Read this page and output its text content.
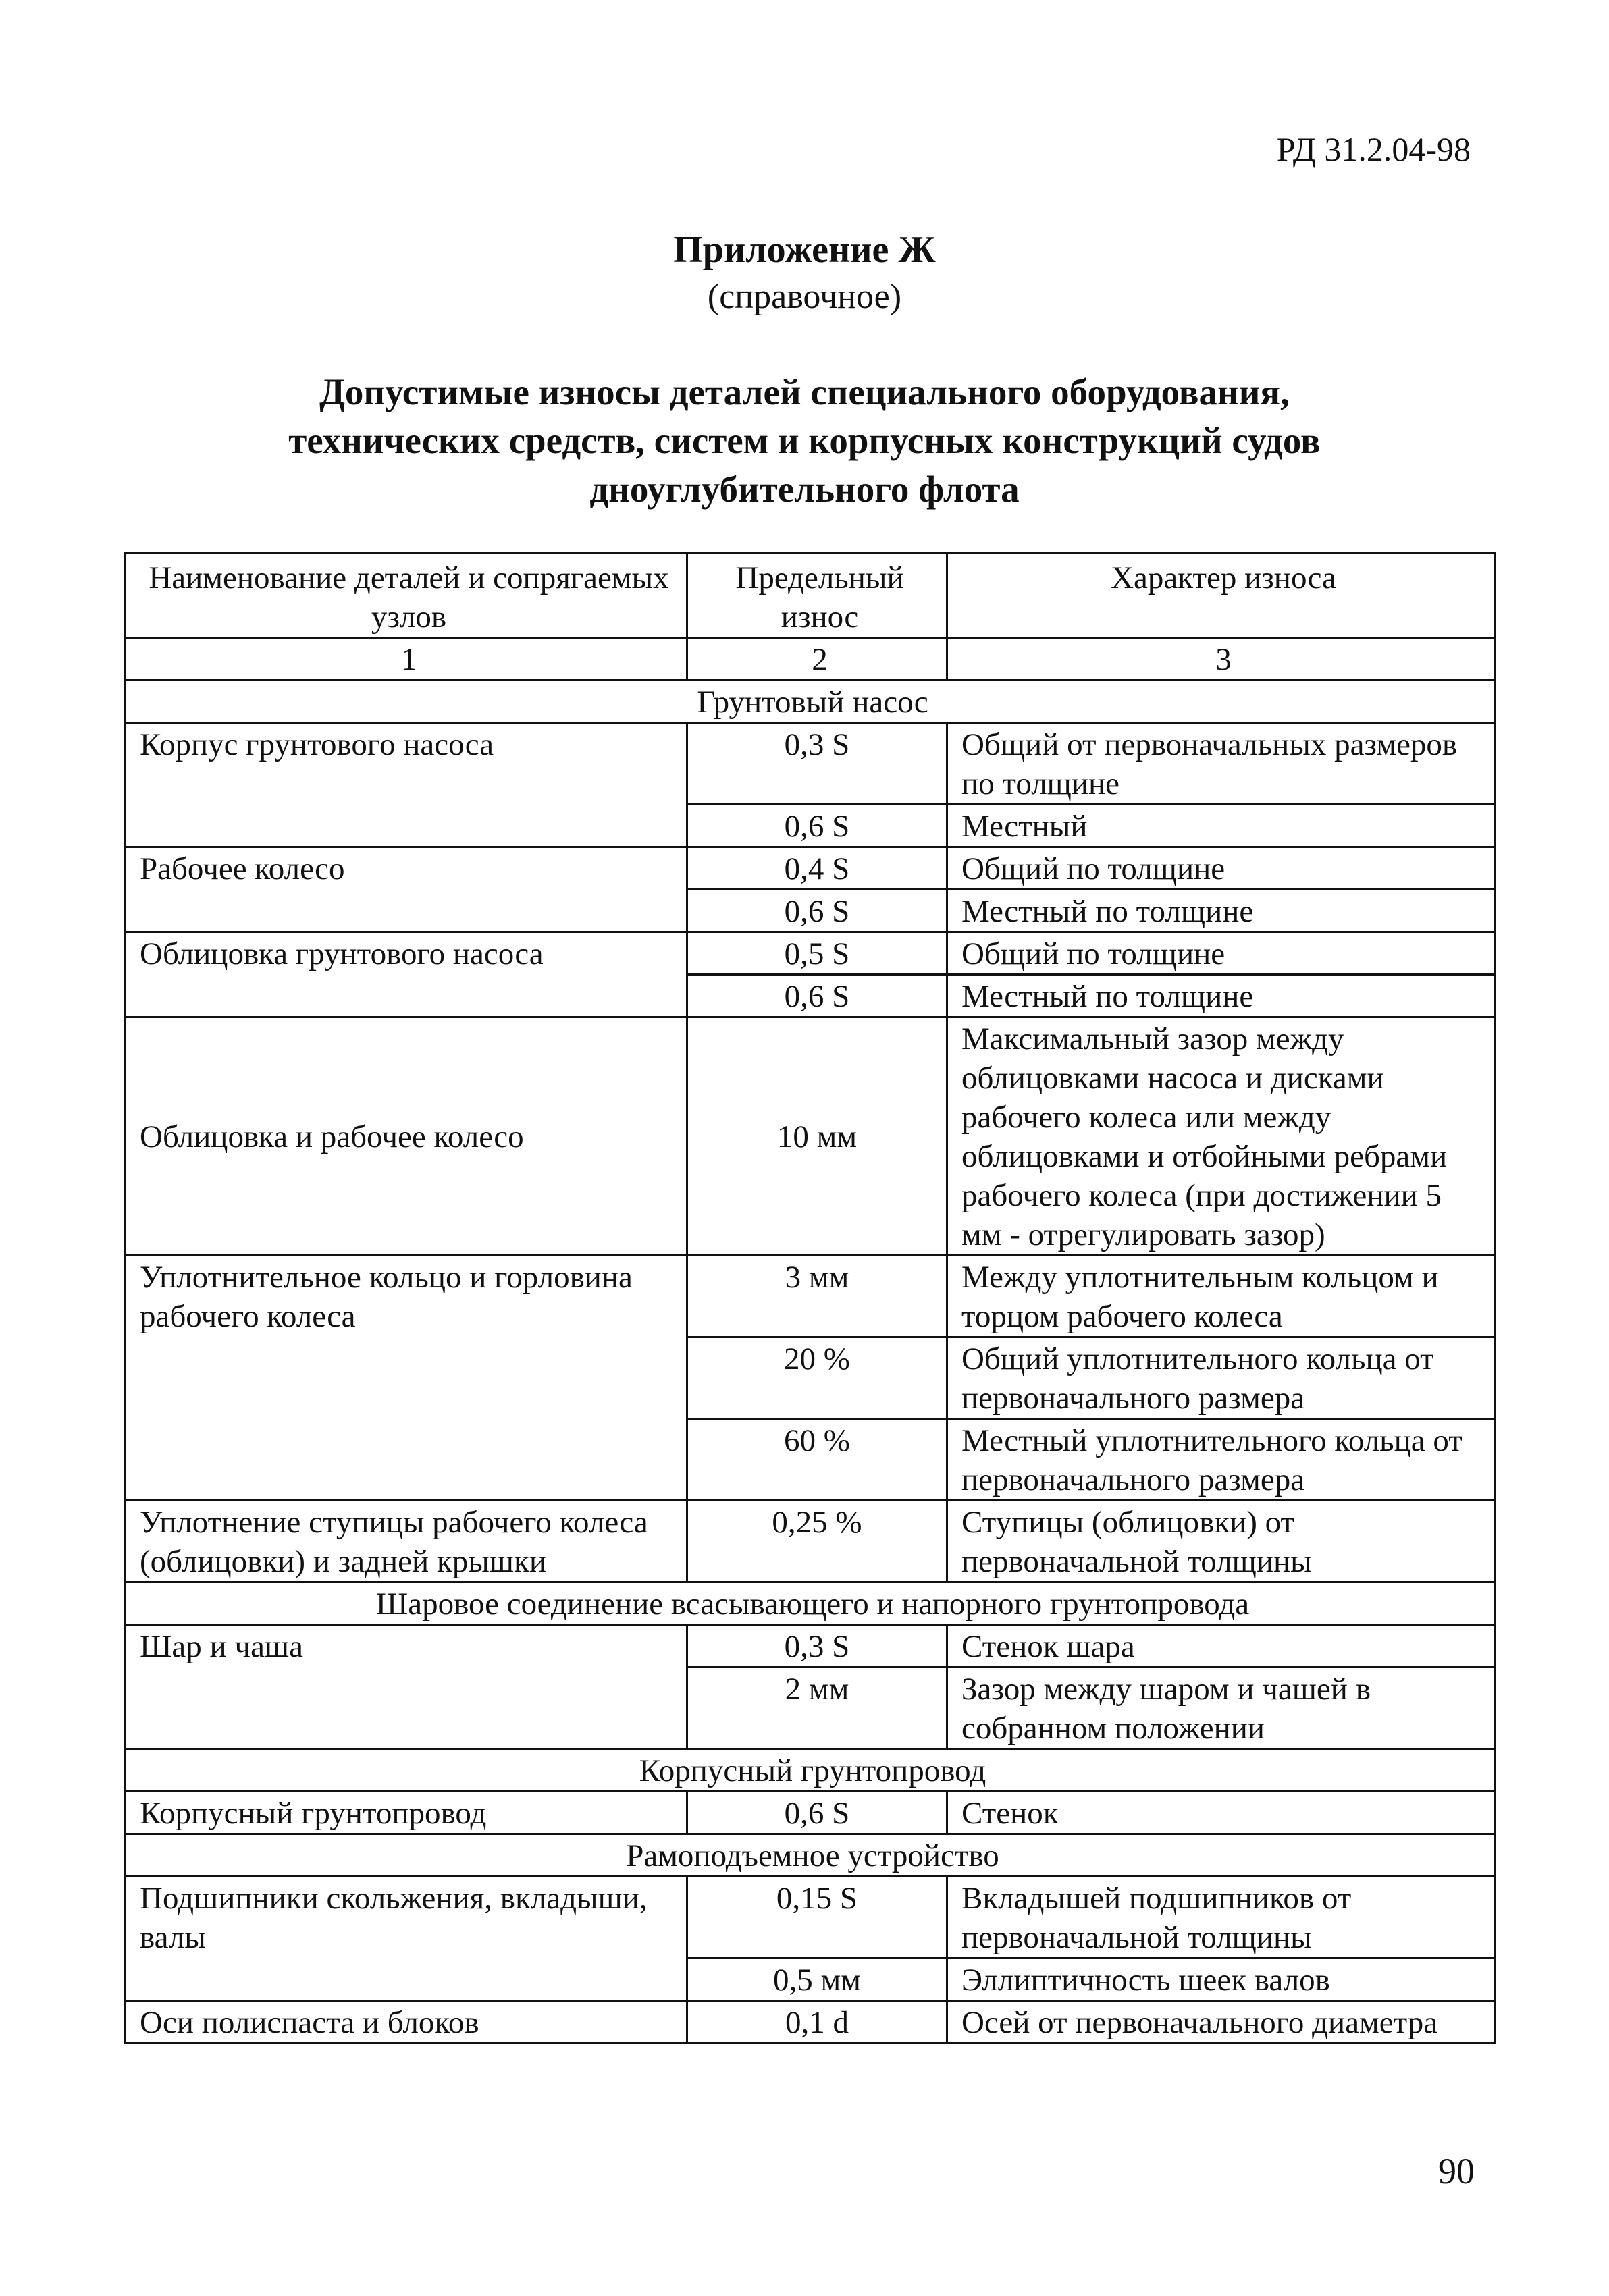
РД 31.2.04-98
Приложение Ж
(справочное)
Допустимые износы деталей специального оборудования,
технических средств, систем и корпусных конструкций судов
дноуглубительного флота
Наименование деталей и сопрягаемых узлов	Предельный износ	Характер износа
1	2	3
Грунтовый насос		
Корпус грунтового насоса	0,3 S	Общий от первоначальных размеров по толщине
	0,6 S	Местный
Рабочее колесо	0,4 S	Общий по толщине
	0,6 S	Местный по толщине
Облицовка грунтового насоса	0,5 S	Общий по толщине
	0,6 S	Местный по толщине
Облицовка и рабочее колесо	10 мм	Максимальный зазор между облицовками насоса и дисками рабочего колеса или между облицовками и отбойными ребрами рабочего колеса (при достижении 5 мм - отрегулировать зазор)
Уплотнительное кольцо и горловина рабочего колеса	3 мм	Между уплотнительным кольцом и торцом рабочего колеса
	20 %	Общий уплотнительного кольца от первоначального размера
	60 %	Местный уплотнительного кольца от первоначального размера
Уплотнение ступицы рабочего колеса (облицовки) и задней крышки	0,25 %	Ступицы (облицовки) от первоначальной толщины
Шаровое соединение всасывающего и напорного грунтопровода		
Шар и чаша	0,3 S	Стенок шара
	2 мм	Зазор между шаром и чашей в собранном положении
Корпусный грунтопровод		
Корпусный грунтопровод	0,6 S	Стенок
Рамоподъемное устройство		
Подшипники скольжения, вкладыши, валы	0,15 S	Вкладышей подшипников от первоначальной толщины
	0,5 мм	Эллиптичность шеек валов
Оси полиспаста и блоков	0,1 d	Осей от первоначального диаметра
90
